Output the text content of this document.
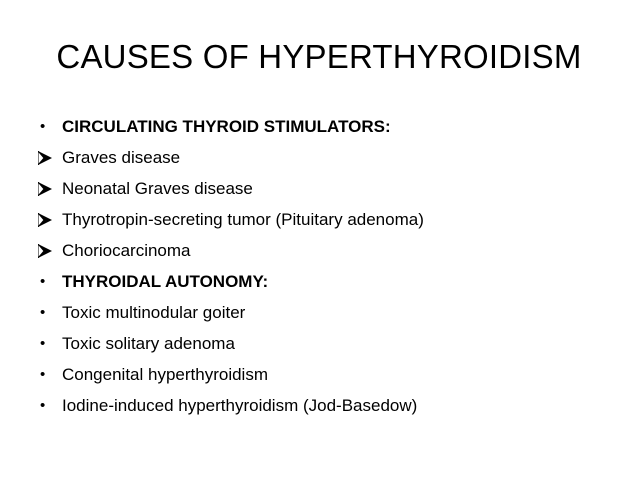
CAUSES OF HYPERTHYROIDISM
• CIRCULATING THYROID STIMULATORS:
Graves disease
Neonatal Graves disease
Thyrotropin-secreting tumor (Pituitary adenoma)
Choriocarcinoma
• THYROIDAL AUTONOMY:
• Toxic multinodular goiter
• Toxic solitary adenoma
• Congenital hyperthyroidism
• Iodine-induced hyperthyroidism (Jod-Basedow)
